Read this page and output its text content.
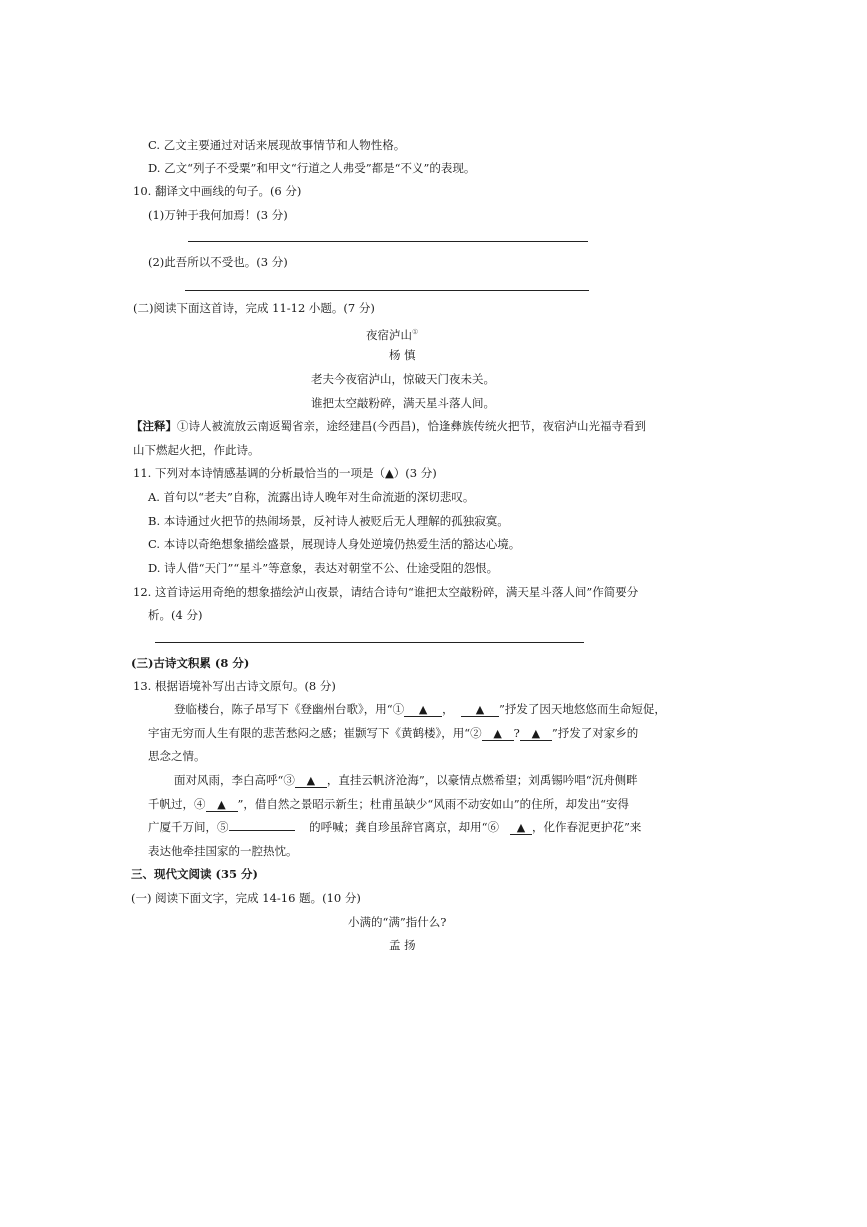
C. 乙文主要通过对话来展现故事情节和人物性格。
D. 乙文“列子不受粟”和甲文“行道之人弗受”都是“不义”的表现。
10. 翻译文中画线的句子。(6 分)
(1)万钟于我何加焉！(3 分)
(2)此吾所以不受也。(3 分)
(二)阅读下面这首诗，完成 11-12 小题。(7 分)
夜宿泸山①
杨 慎
老夫今夜宿泸山，惊破天门夜未关。
谁把太空敲粉碎，满天星斗落人间。
【注释】①诗人被流放云南返蜀省亲，途经建昌(今西昌)，恰逢彝族传统火把节，夜宿泸山光福寺看到
山下燃起火把，作此诗。
11. 下列对本诗情感基调的分析最恰当的一项是（▲）(3 分)
A. 首句以“老夫”自称，流露出诗人晚年对生命流逝的深切悲叹。
B. 本诗通过火把节的热闹场景，反衬诗人被贬后无人理解的孤独寂寞。
C. 本诗以奇绝想象描绘盛景，展现诗人身处逆境仍热爱生活的豁达心境。
D. 诗人借“天门”“星斗”等意象，表达对朝堂不公、仕途受阻的怨恨。
12. 这首诗运用奇绝的想象描绘泸山夜景，请结合诗句“谁把太空敲粉碎，满天星斗落人间”作简要分
析。(4 分)
(三)古诗文积累 (8 分)
13. 根据语境补写出古诗文原句。(8 分)
登临楼台，陈子昂写下《登幽州台歌》，用“① ▲ ， ▲ ”抒发了因天地悠悠而生命短促，
宇宙无穷而人生有限的悲苦愁闷之感；崔颢写下《黄鹤楼》，用“② ▲ ? ▲ ”抒发了对家乡的
思念之情。
面对风雨，李白高呼“③ ▲ ，直挂云帆济沧海”，以豪情点燃希望；刘禹锡吟唱“沉舟侧畔
千帆过，④ ▲ ”，借自然之景昭示新生；杜甫虽缺少“风雨不动安如山”的住所，却发出“安得
广厦千万间，⑤	的呼喊；龚自珍虽辞官离京，却用“⑥ ▲ ，化作春泥更护花”来
表达他牵挂国家的一腔热忱。
三、现代文阅读 (35 分)
(一) 阅读下面文字，完成 14-16 题。(10 分)
小满的“满”指什么?
孟 扬
